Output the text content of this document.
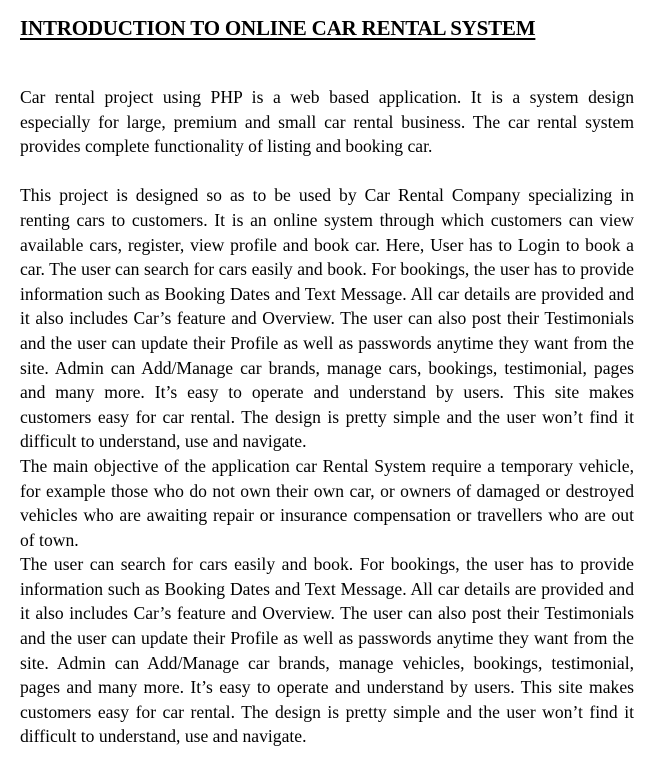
INTRODUCTION TO ONLINE CAR RENTAL SYSTEM

Car rental project using PHP is a web based application. It is a system design especially for large, premium and small car rental business. The car rental system provides complete functionality of listing and booking car.

This project is designed so as to be used by Car Rental Company specializing in renting cars to customers. It is an online system through which customers can view available cars, register, view profile and book car. Here, User has to Login to book a car. The user can search for cars easily and book. For bookings, the user has to provide information such as Booking Dates and Text Message. All car details are provided and it also includes Car’s feature and Overview. The user can also post their Testimonials and the user can update their Profile as well as passwords anytime they want from the site. Admin can Add/Manage car brands, manage cars, bookings, testimonial, pages and many more. It’s easy to operate and understand by users. This site makes customers easy for car rental. The design is pretty simple and the user won’t find it difficult to understand, use and navigate.

The main objective of the application car Rental System require a temporary vehicle, for example those who do not own their own car, or owners of damaged or destroyed vehicles who are awaiting repair or insurance compensation or travellers who are out of town.

The user can search for cars easily and book. For bookings, the user has to provide information such as Booking Dates and Text Message. All car details are provided and it also includes Car’s feature and Overview. The user can also post their Testimonials and the user can update their Profile as well as passwords anytime they want from the site. Admin can Add/Manage car brands, manage vehicles, bookings, testimonial, pages and many more. It’s easy to operate and understand by users. This site makes customers easy for car rental. The design is pretty simple and the user won’t find it difficult to understand, use and navigate.
